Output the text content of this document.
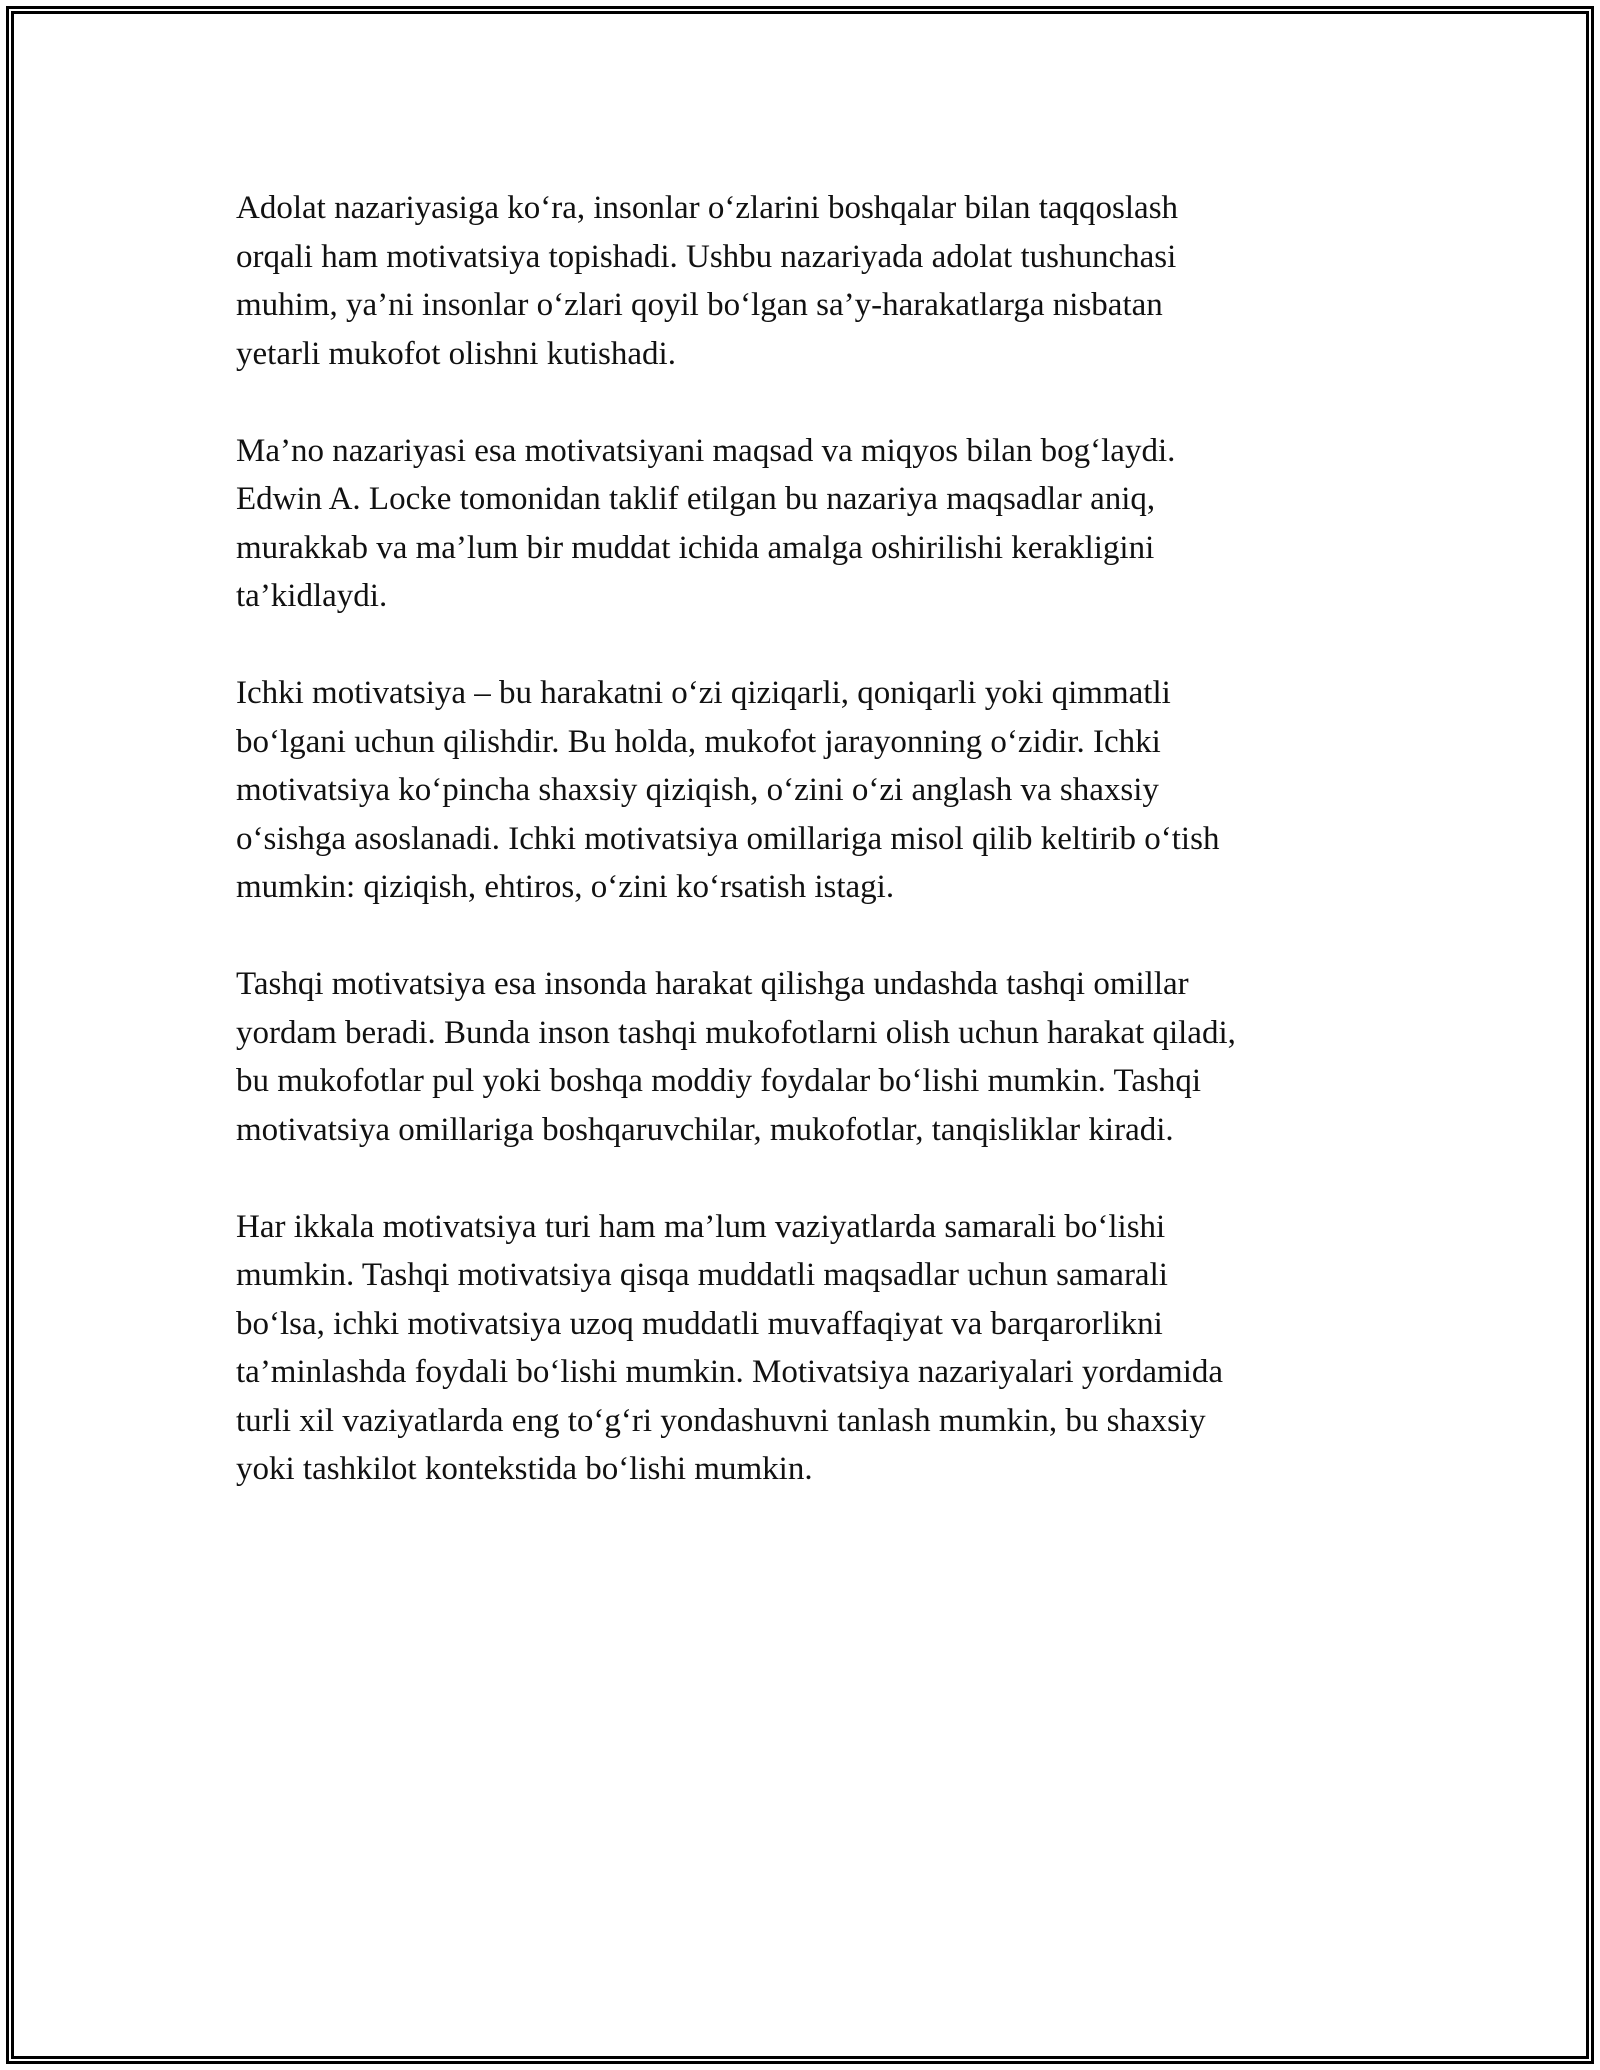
Adolat nazariyasiga koʻra, insonlar oʻzlarini boshqalar bilan taqqoslash
orqali ham motivatsiya topishadi. Ushbu nazariyada adolat tushunchasi
muhim, ya’ni insonlar oʻzlari qoyil boʻlgan sa’y-harakatlarga nisbatan
yetarli mukofot olishni kutishadi.

Ma’no nazariyasi esa motivatsiyani maqsad va miqyos bilan bogʻlaydi.
Edwin A. Locke tomonidan taklif etilgan bu nazariya maqsadlar aniq,
murakkab va ma’lum bir muddat ichida amalga oshirilishi kerakligini
ta’kidlaydi.

Ichki motivatsiya – bu harakatni oʻzi qiziqarli, qoniqarli yoki qimmatli
boʻlgani uchun qilishdir. Bu holda, mukofot jarayonning oʻzidir. Ichki
motivatsiya koʻpincha shaxsiy qiziqish, oʻzini oʻzi anglash va shaxsiy
oʻsishga asoslanadi. Ichki motivatsiya omillariga misol qilib keltirib oʻtish
mumkin: qiziqish, ehtiros, oʻzini koʻrsatish istagi.

Tashqi motivatsiya esa insonda harakat qilishga undashda tashqi omillar
yordam beradi. Bunda inson tashqi mukofotlarni olish uchun harakat qiladi,
bu mukofotlar pul yoki boshqa moddiy foydalar boʻlishi mumkin. Tashqi
motivatsiya omillariga boshqaruvchilar, mukofotlar, tanqisliklar kiradi.

Har ikkala motivatsiya turi ham ma’lum vaziyatlarda samarali boʻlishi
mumkin. Tashqi motivatsiya qisqa muddatli maqsadlar uchun samarali
boʻlsa, ichki motivatsiya uzoq muddatli muvaffaqiyat va barqarorlikni
ta’minlashda foydali boʻlishi mumkin. Motivatsiya nazariyalari yordamida
turli xil vaziyatlarda eng toʻgʻri yondashuvni tanlash mumkin, bu shaxsiy
yoki tashkilot kontekstida boʻlishi mumkin.
